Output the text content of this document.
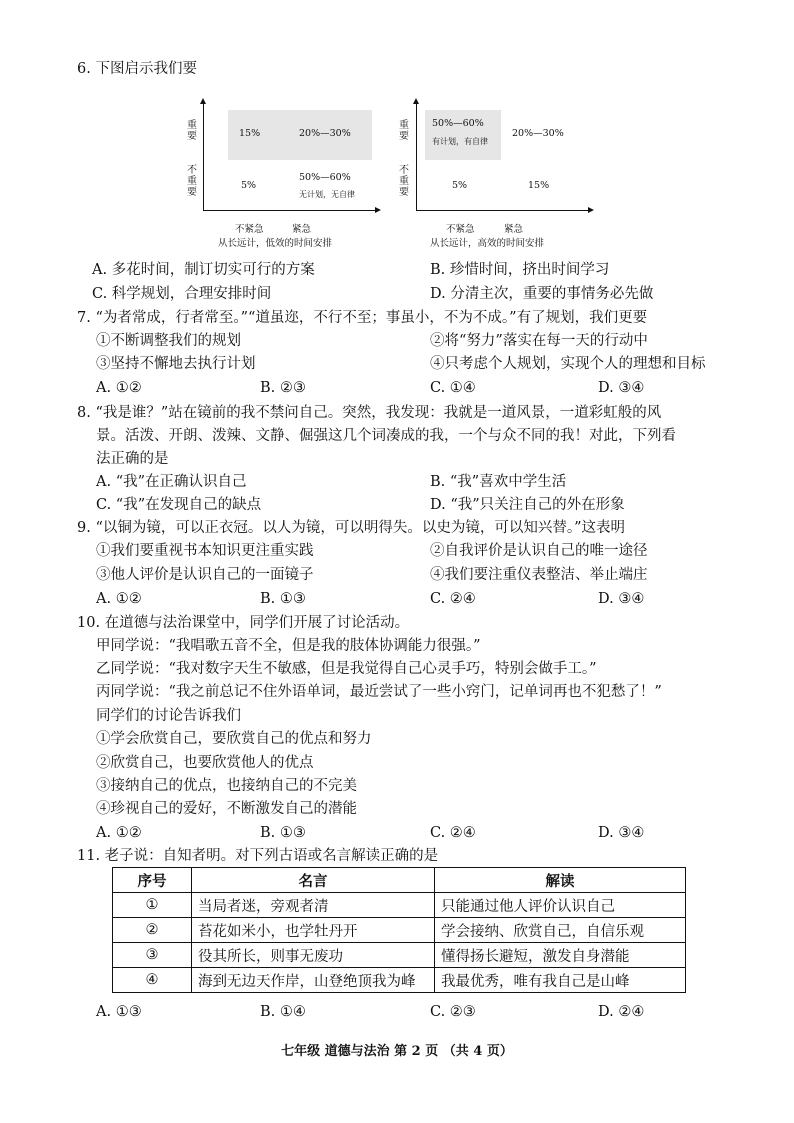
6. 下图启示我们要
重要
不重要
15%	20%—30%
5%
50%—60%
无计划，无自律
不紧急	紧急
从长远计，低效的时间安排
重要
不重要
50%—60%
有计划，有自律
20%—30%
5%	15%
不紧急	紧急
从长远计，高效的时间安排
A. 多花时间，制订切实可行的方案	B. 珍惜时间，挤出时间学习
C. 科学规划，合理安排时间	D. 分清主次，重要的事情务必先做
7. “为者常成，行者常至。”“道虽迩，不行不至；事虽小，不为不成。”有了规划，我们更要
①不断调整我们的规划	②将“努力”落实在每一天的行动中
③坚持不懈地去执行计划	④只考虑个人规划，实现个人的理想和目标
A. ①②	B. ②③	C. ①④	D. ③④
8. “我是谁？”站在镜前的我不禁问自己。突然，我发现：我就是一道风景，一道彩虹般的风
景。活泼、开朗、泼辣、文静、倔强这几个词凑成的我，一个与众不同的我！对此，下列看
法正确的是
A. “我”在正确认识自己	B. “我”喜欢中学生活
C. “我”在发现自己的缺点	D. “我”只关注自己的外在形象
9. “以铜为镜，可以正衣冠。以人为镜，可以明得失。以史为镜，可以知兴替。”这表明
①我们要重视书本知识更注重实践	②自我评价是认识自己的唯一途径
③他人评价是认识自己的一面镜子	④我们要注重仪表整洁、举止端庄
A. ①②	B. ①③	C. ②④	D. ③④
10. 在道德与法治课堂中，同学们开展了讨论活动。
甲同学说：“我唱歌五音不全，但是我的肢体协调能力很强。”
乙同学说：“我对数字天生不敏感，但是我觉得自己心灵手巧，特别会做手工。”
丙同学说：“我之前总记不住外语单词，最近尝试了一些小窍门，记单词再也不犯愁了！”
同学们的讨论告诉我们
①学会欣赏自己，要欣赏自己的优点和努力
②欣赏自己，也要欣赏他人的优点
③接纳自己的优点，也接纳自己的不完美
④珍视自己的爱好，不断激发自己的潜能
A. ①②	B. ①③	C. ②④	D. ③④
11. 老子说：自知者明。对下列古语或名言解读正确的是
序号	名言	解读
①	当局者迷，旁观者清	只能通过他人评价认识自己
②	苔花如米小，也学牡丹开	学会接纳、欣赏自己，自信乐观
③	役其所长，则事无废功	懂得扬长避短，激发自身潜能
④	海到无边天作岸，山登绝顶我为峰	我最优秀，唯有我自己是山峰
A. ①③	B. ①④	C. ②③	D. ②④
七年级 道德与法治 第 2 页 （共 4 页）
